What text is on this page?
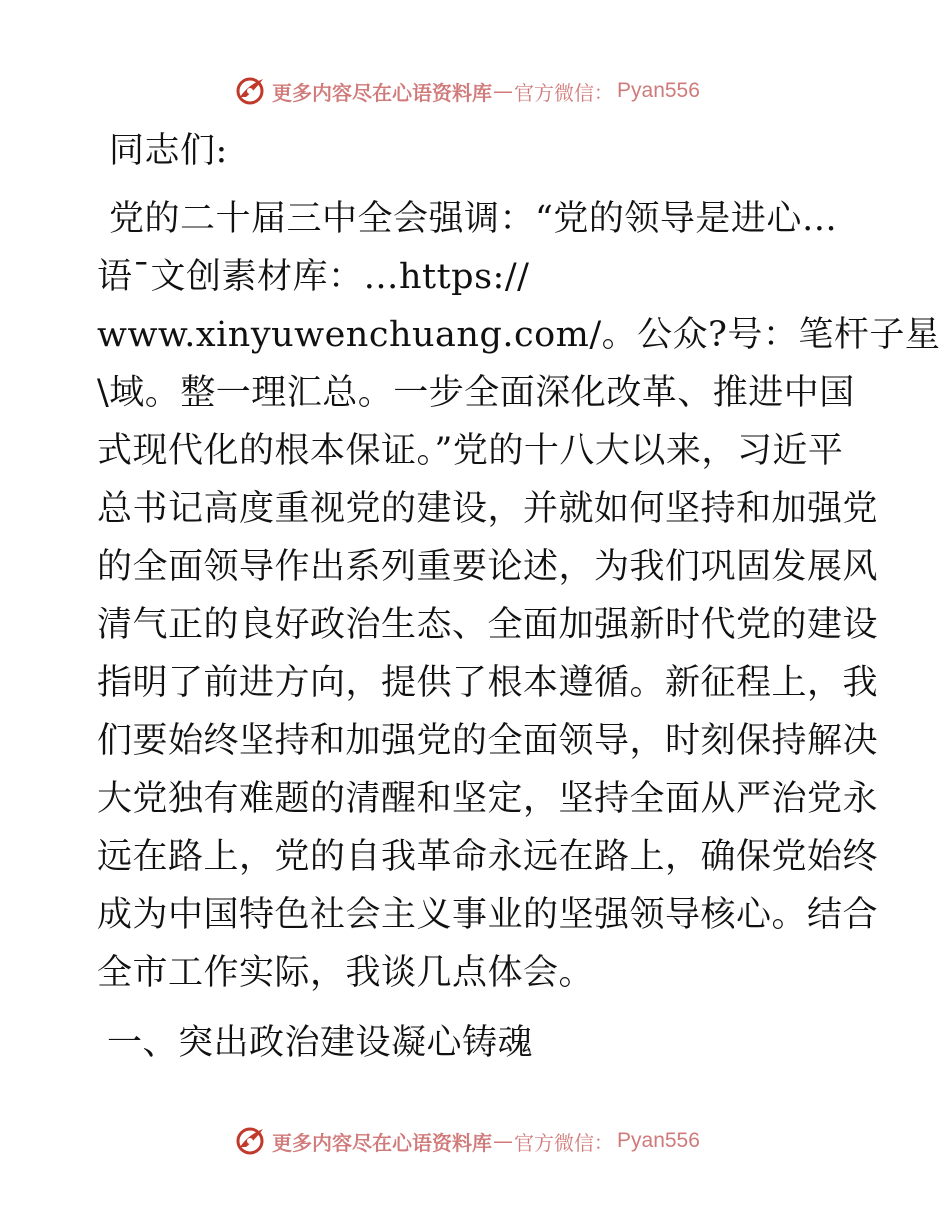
更多内容尽在心语资料库 — 官方微信 ： Pyan556
同志们:
党的二十届三中全会强调：“党的领导是进心…
语¯文创素材库：…https://
www.xinyuwenchuang.com/。公众?号：笔杆子星
\域。整一理汇总。一步全面深化改革、推进中国
式现代化的根本保证。”党的十八大以来，习近平
总书记高度重视党的建设，并就如何坚持和加强党
的全面领导作出系列重要论述，为我们巩固发展风
清气正的良好政治生态、全面加强新时代党的建设
指明了前进方向，提供了根本遵循。新征程上，我
们要始终坚持和加强党的全面领导，时刻保持解决
大党独有难题的清醒和坚定，坚持全面从严治党永
远在路上，党的自我革命永远在路上，确保党始终
成为中国特色社会主义事业的坚强领导核心。结合
全市工作实际，我谈几点体会。
一、突出政治建设凝心铸魂
更多内容尽在心语资料库 — 官方微信 ： Pyan556
